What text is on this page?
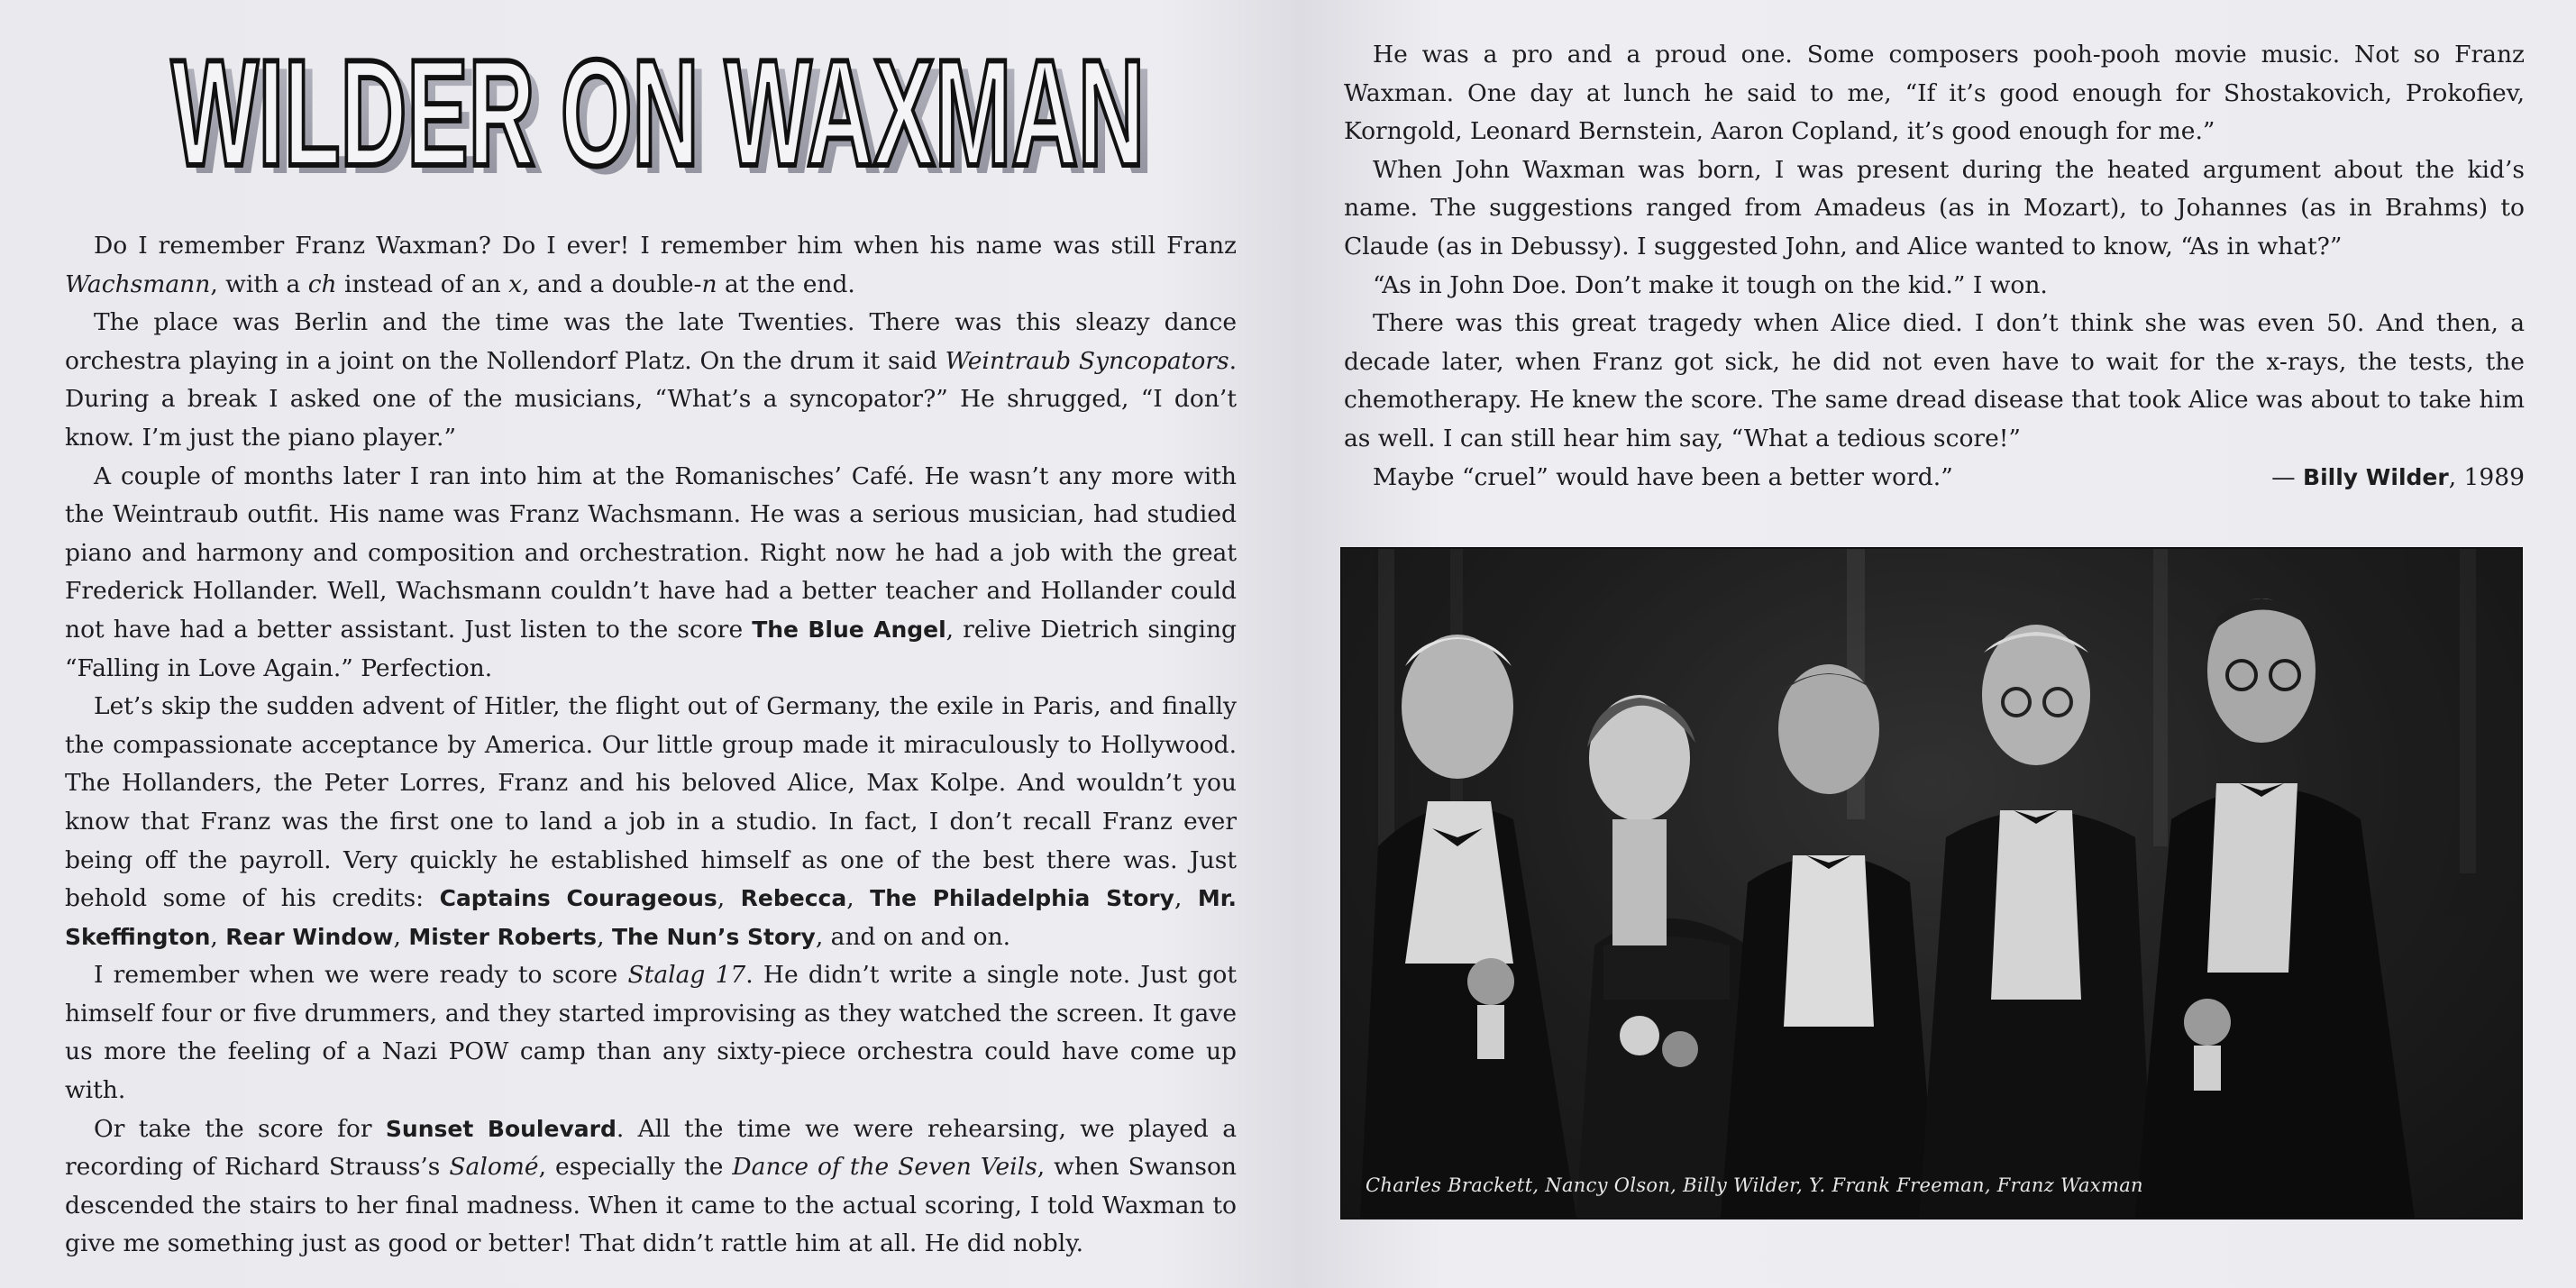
WILDER ON WAXMAN
WILDER ON WAXMAN

Do I remember Franz Waxman? Do I ever! I remember him when his name was still Franz Wachsmann, with a ch instead of an x, and a double-n at the end.

The place was Berlin and the time was the late Twenties. There was this sleazy dance orchestra playing in a joint on the Nollendorf Platz. On the drum it said Weintraub Syncopators. During a break I asked one of the musicians, “What’s a syncopator?” He shrugged, “I don’t know. I’m just the piano player.”

A couple of months later I ran into him at the Romanisches’ Café. He wasn’t any more with the Weintraub outfit. His name was Franz Wachsmann. He was a serious musician, had studied piano and harmony and composition and orchestration. Right now he had a job with the great Frederick Hollander. Well, Wachsmann couldn’t have had a better teacher and Hollander could not have had a better assistant. Just listen to the score The Blue Angel, relive Dietrich singing “Falling in Love Again.” Perfection.

Let’s skip the sudden advent of Hitler, the flight out of Germany, the exile in Paris, and finally the compassionate acceptance by America. Our little group made it miraculously to Hollywood. The Hollanders, the Peter Lorres, Franz and his beloved Alice, Max Kolpe. And wouldn’t you know that Franz was the first one to land a job in a studio. In fact, I don’t recall Franz ever being off the payroll. Very quickly he established himself as one of the best there was. Just behold some of his credits: Captains Courageous, Rebecca, The Philadelphia Story, Mr. Skeffington, Rear Window, Mister Roberts, The Nun’s Story, and on and on.

I remember when we were ready to score Stalag 17. He didn’t write a single note. Just got himself four or five drummers, and they started improvising as they watched the screen. It gave us more the feeling of a Nazi POW camp than any sixty-piece orchestra could have come up with.

Or take the score for Sunset Boulevard. All the time we were rehearsing, we played a recording of Richard Strauss’s Salomé, especially the Dance of the Seven Veils, when Swanson descended the stairs to her final madness. When it came to the actual scoring, I told Waxman to give me something just as good or better! That didn’t rattle him at all. He did nobly.

He was a pro and a proud one. Some composers pooh-pooh movie music. Not so Franz Waxman. One day at lunch he said to me, “If it’s good enough for Shostakovich, Prokofiev, Korngold, Leonard Bernstein, Aaron Copland, it’s good enough for me.”

When John Waxman was born, I was present during the heated argument about the kid’s name. The suggestions ranged from Amadeus (as in Mozart), to Johannes (as in Brahms) to Claude (as in Debussy). I suggested John, and Alice wanted to know, “As in what?”

“As in John Doe. Don’t make it tough on the kid.” I won.

There was this great tragedy when Alice died. I don’t think she was even 50. And then, a decade later, when Franz got sick, he did not even have to wait for the x-rays, the tests, the chemotherapy. He knew the score. The same dread disease that took Alice was about to take him as well. I can still hear him say, “What a tedious score!”

Maybe “cruel” would have been a better word.”	— Billy Wilder, 1989
Charles Brackett, Nancy Olson, Billy Wilder, Y. Frank Freeman, Franz Waxman
